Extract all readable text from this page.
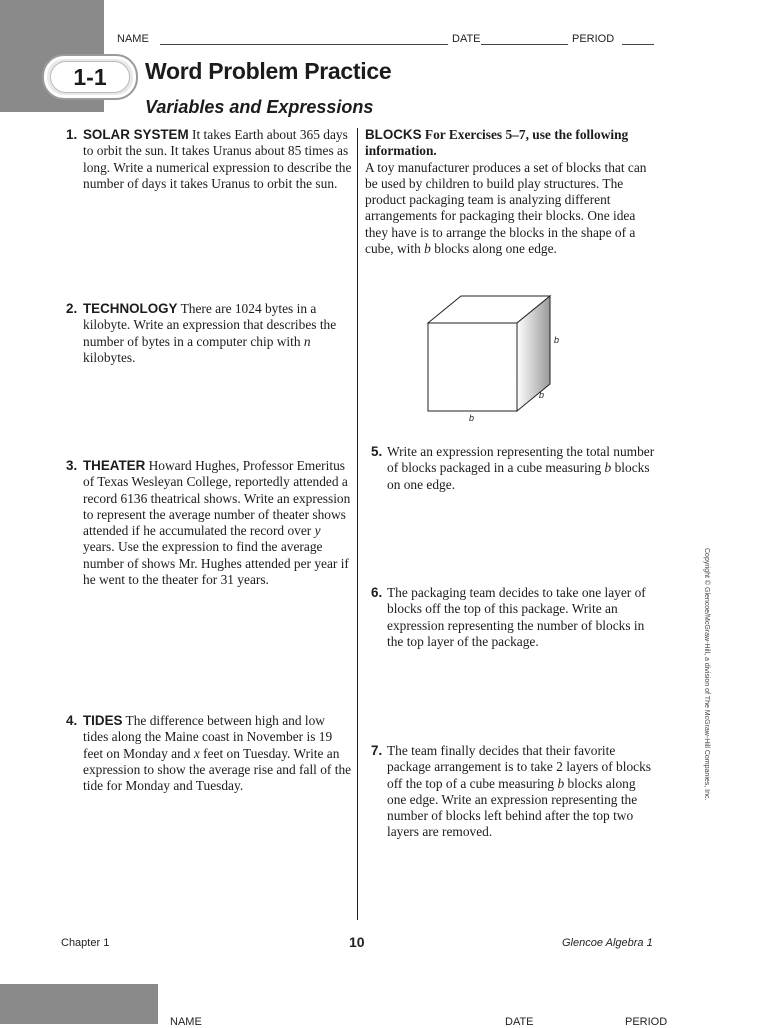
NAME	DATE	PERIOD
1-1	Word Problem Practice
Variables and Expressions
1. SOLAR SYSTEM It takes Earth about 365 days to orbit the sun. It takes Uranus about 85 times as long. Write a numerical expression to describe the number of days it takes Uranus to orbit the sun.
2. TECHNOLOGY There are 1024 bytes in a kilobyte. Write an expression that describes the number of bytes in a computer chip with n kilobytes.
3. THEATER Howard Hughes, Professor Emeritus of Texas Wesleyan College, reportedly attended a record 6136 theatrical shows. Write an expression to represent the average number of theater shows attended if he accumulated the record over y years. Use the expression to find the average number of shows Mr. Hughes attended per year if he went to the theater for 31 years.
4. TIDES The difference between high and low tides along the Maine coast in November is 19 feet on Monday and x feet on Tuesday. Write an expression to show the average rise and fall of the tide for Monday and Tuesday.
BLOCKS For Exercises 5–7, use the following information.
A toy manufacturer produces a set of blocks that can be used by children to build play structures. The product packaging team is analyzing different arrangements for packaging their blocks. One idea they have is to arrange the blocks in the shape of a cube, with b blocks along one edge.
b
b
b
5. Write an expression representing the total number of blocks packaged in a cube measuring b blocks on one edge.
6. The packaging team decides to take one layer of blocks off the top of this package. Write an expression representing the number of blocks in the top layer of the package.
7. The team finally decides that their favorite package arrangement is to take 2 layers of blocks off the top of a cube measuring b blocks along one edge. Write an expression representing the number of blocks left behind after the top two layers are removed.
Copyright © Glencoe/McGraw-Hill, a division of The McGraw-Hill Companies, Inc.
Chapter 1	10	Glencoe Algebra 1
NAME	DATE	PERIOD
